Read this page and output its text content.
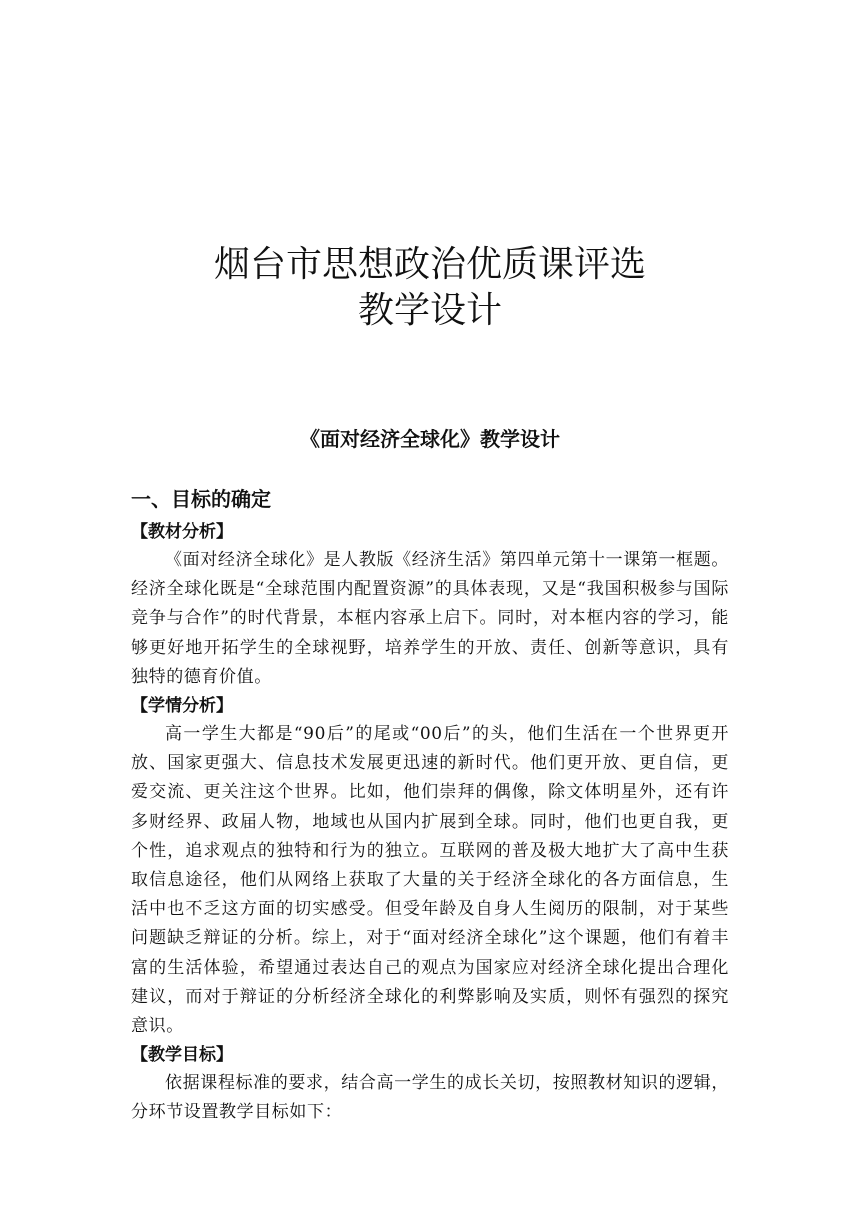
烟台市思想政治优质课评选
教学设计
《面对经济全球化》教学设计
一、目标的确定
【教材分析】

《面对经济全球化》是人教版《经济生活》第四单元第十一课第一框题。经济全球化既是“全球范围内配置资源”的具体表现，又是“我国积极参与国际竞争与合作”的时代背景，本框内容承上启下。同时，对本框内容的学习，能够更好地开拓学生的全球视野，培养学生的开放、责任、创新等意识，具有独特的德育价值。

【学情分析】

高一学生大都是“90后”的尾或“00后”的头，他们生活在一个世界更开放、国家更强大、信息技术发展更迅速的新时代。他们更开放、更自信，更爱交流、更关注这个世界。比如，他们崇拜的偶像，除文体明星外，还有许多财经界、政届人物，地域也从国内扩展到全球。同时，他们也更自我，更个性，追求观点的独特和行为的独立。互联网的普及极大地扩大了高中生获取信息途径，他们从网络上获取了大量的关于经济全球化的各方面信息，生活中也不乏这方面的切实感受。但受年龄及自身人生阅历的限制，对于某些问题缺乏辩证的分析。综上，对于“面对经济全球化”这个课题，他们有着丰富的生活体验，希望通过表达自己的观点为国家应对经济全球化提出合理化建议，而对于辩证的分析经济全球化的利弊影响及实质，则怀有强烈的探究意识。

【教学目标】

依据课程标准的要求，结合高一学生的成长关切，按照教材知识的逻辑，分环节设置教学目标如下：
